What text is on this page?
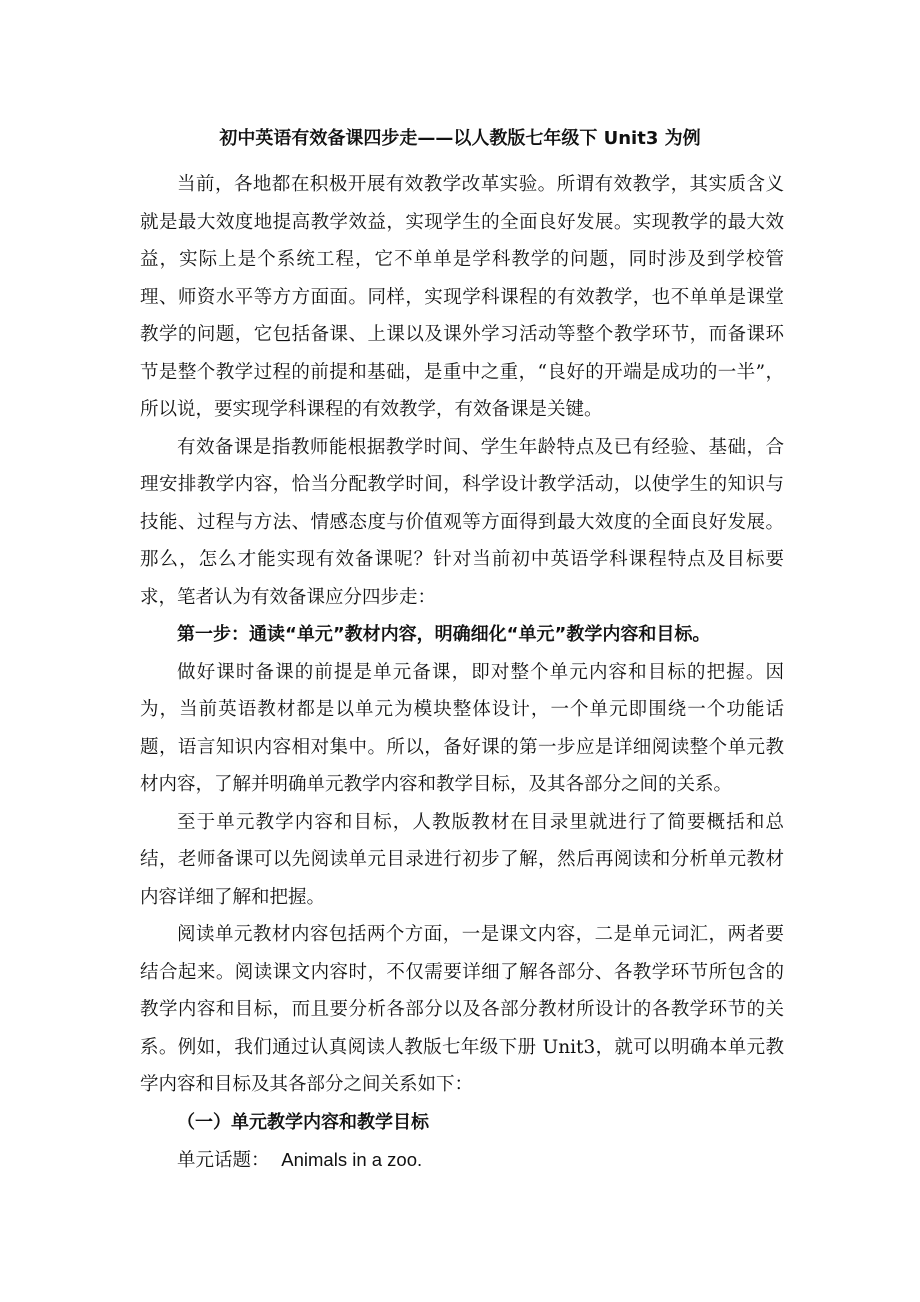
初中英语有效备课四步走——以人教版七年级下 Unit3 为例

当前，各地都在积极开展有效教学改革实验。所谓有效教学，其实质含义就是最大效度地提高教学效益，实现学生的全面良好发展。实现教学的最大效益，实际上是个系统工程，它不单单是学科教学的问题，同时涉及到学校管理、师资水平等方方面面。同样，实现学科课程的有效教学，也不单单是课堂教学的问题，它包括备课、上课以及课外学习活动等整个教学环节，而备课环节是整个教学过程的前提和基础，是重中之重，“良好的开端是成功的一半”，所以说，要实现学科课程的有效教学，有效备课是关键。

有效备课是指教师能根据教学时间、学生年龄特点及已有经验、基础，合理安排教学内容，恰当分配教学时间，科学设计教学活动，以使学生的知识与技能、过程与方法、情感态度与价值观等方面得到最大效度的全面良好发展。那么，怎么才能实现有效备课呢？针对当前初中英语学科课程特点及目标要求，笔者认为有效备课应分四步走：

第一步：通读“单元”教材内容，明确细化“单元”教学内容和目标。

做好课时备课的前提是单元备课，即对整个单元内容和目标的把握。因为，当前英语教材都是以单元为模块整体设计，一个单元即围绕一个功能话题，语言知识内容相对集中。所以，备好课的第一步应是详细阅读整个单元教材内容，了解并明确单元教学内容和教学目标，及其各部分之间的关系。

至于单元教学内容和目标，人教版教材在目录里就进行了简要概括和总结，老师备课可以先阅读单元目录进行初步了解，然后再阅读和分析单元教材内容详细了解和把握。

阅读单元教材内容包括两个方面，一是课文内容，二是单元词汇，两者要结合起来。阅读课文内容时，不仅需要详细了解各部分、各教学环节所包含的教学内容和目标，而且要分析各部分以及各部分教材所设计的各教学环节的关系。例如，我们通过认真阅读人教版七年级下册 Unit3，就可以明确本单元教学内容和目标及其各部分之间关系如下：

（一）单元教学内容和教学目标

单元话题： Animals in a zoo.
